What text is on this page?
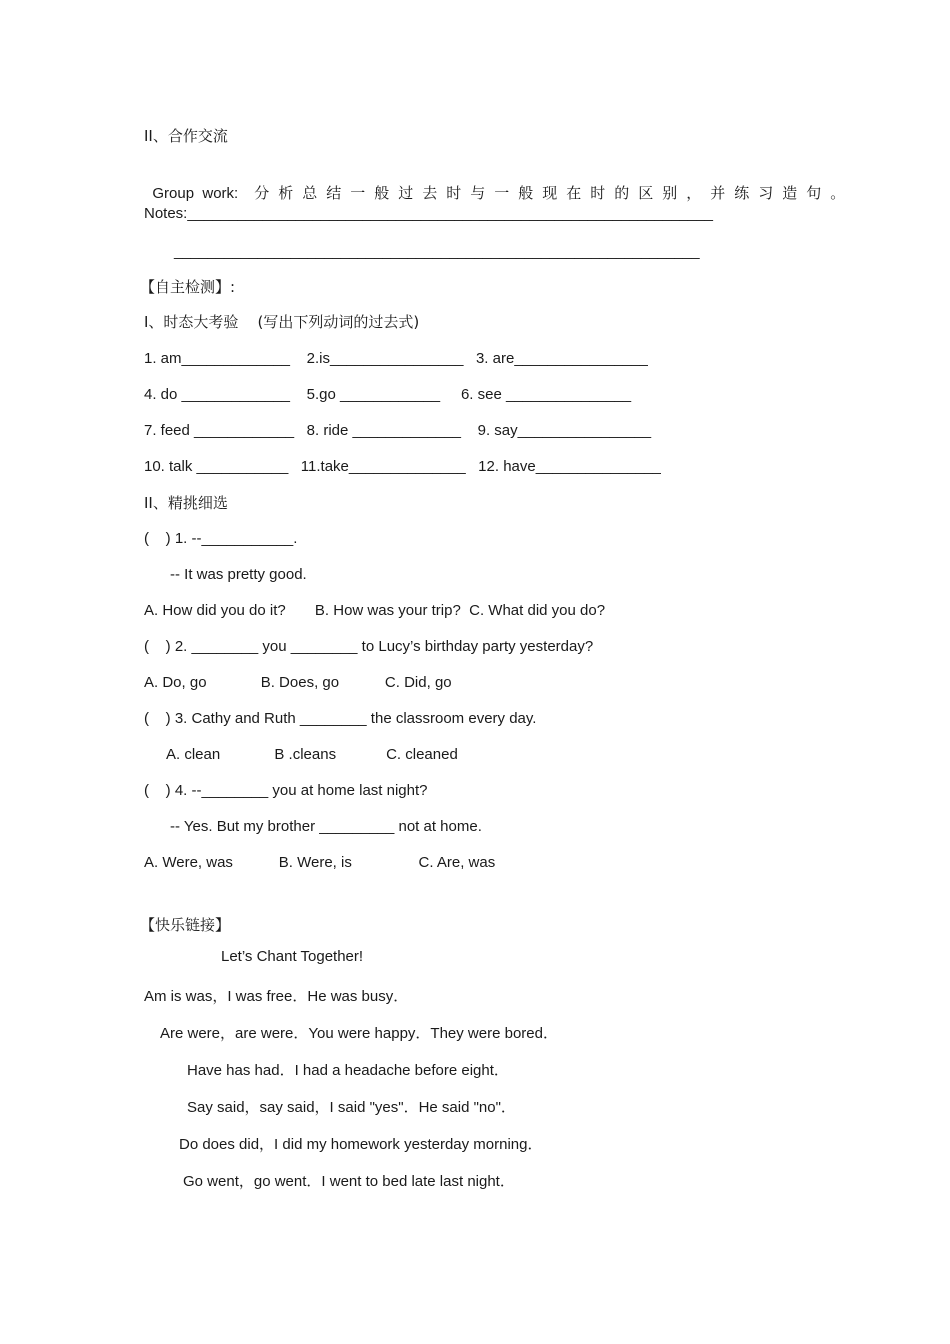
II、合作交流

Group  work: 分析总结一般过去时与一般现在时的区别，并练习造句。

Notes:_______________________________________________________________
_______________________________________________________________
【自主检测】:
I、时态大考验    (写出下列动词的过去式)
1. am_____________    2.is________________   3. are________________
4. do _____________    5.go ____________     6. see _______________
7. feed ____________   8. ride _____________    9. say________________
10. talk ___________   11.take______________   12. have_______________
II、精挑细选
(    ) 1. --___________.
-- It was pretty good.
A. How did you do it?       B. How was your trip?  C. What did you do?
(    ) 2. ________ you ________ to Lucy’s birthday party yesterday?
A. Do, go             B. Does, go           C. Did, go
(    ) 3. Cathy and Ruth ________ the classroom every day.
A. clean             B .cleans            C. cleaned
(    ) 4. --________ you at home last night?
-- Yes. But my brother _________ not at home.
A. Were, was           B. Were, is                C. Are, was
【快乐链接】
Let’s Chant Together!
Am is was，I was free．He was busy．
Are were，are were．You were happy．They were bored．
Have has had．I had a headache before eight．
Say said，say said，I said "yes"．He said "no"．
Do does did，I did my homework yesterday morning．
Go went，go went．I went to bed late last night．
